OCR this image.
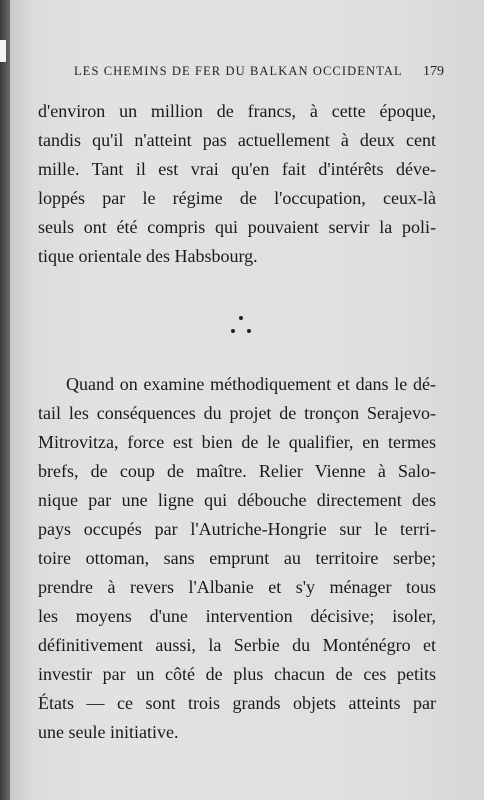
LES CHEMINS DE FER DU BALKAN OCCIDENTAL 179
d'environ un million de francs, à cette époque,
tandis qu'il n'atteint pas actuellement à deux cent
mille. Tant il est vrai qu'en fait d'intérêts déve-
loppés par le régime de l'occupation, ceux-là
seuls ont été compris qui pouvaient servir la poli-
tique orientale des Habsbourg.
Quand on examine méthodiquement et dans le dé-
tail les conséquences du projet de tronçon Serajevo-
Mitrovitza, force est bien de le qualifier, en termes
brefs, de coup de maître. Relier Vienne à Salo-
nique par une ligne qui débouche directement des
pays occupés par l'Autriche-Hongrie sur le terri-
toire ottoman, sans emprunt au territoire serbe;
prendre à revers l'Albanie et s'y ménager tous
les moyens d'une intervention décisive; isoler,
définitivement aussi, la Serbie du Monténégro et
investir par un côté de plus chacun de ces petits
États — ce sont trois grands objets atteints par
une seule initiative.
